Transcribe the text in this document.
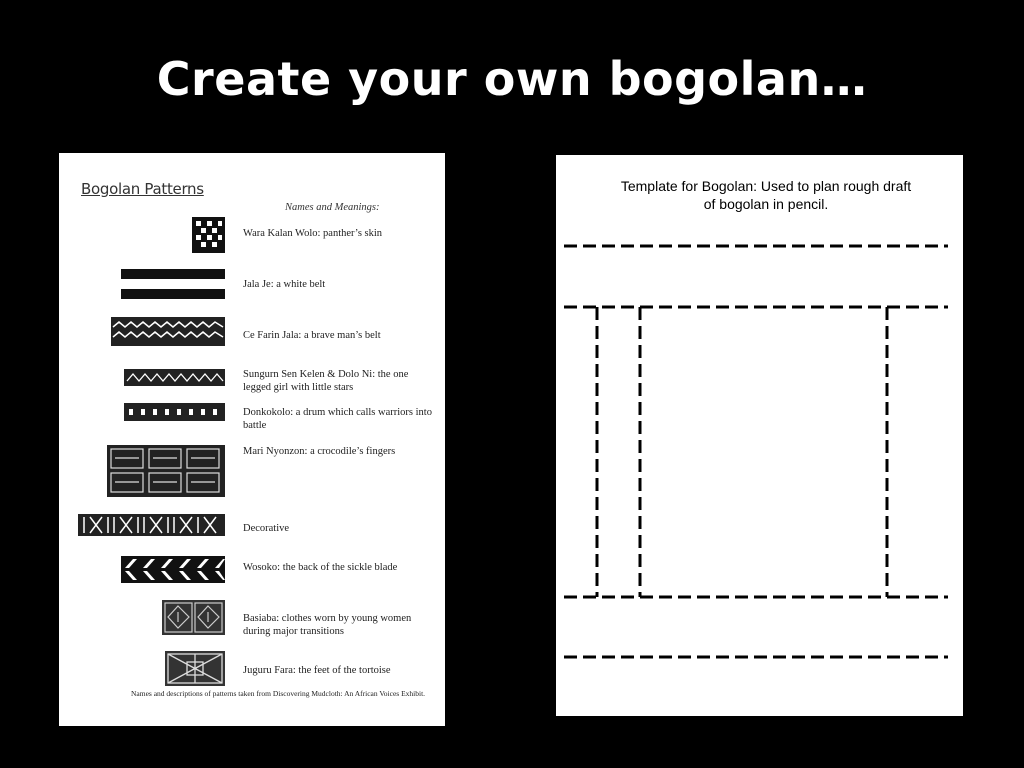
Create your own bogolan…
Bogolan Patterns
Names and Meanings:
Wara Kalan Wolo: panther’s skin
Jala Je: a white belt
Ce Farin Jala: a brave man’s belt
Sungurn Sen Kelen & Dolo Ni: the one legged girl with little stars
Donkokolo: a drum which calls warriors into battle
Mari Nyonzon: a crocodile’s fingers
Decorative
Wosoko: the back of the sickle blade
Basiaba: clothes worn by young women during major transitions
Juguru Fara: the feet of the tortoise
Names and descriptions of patterns taken from Discovering Mudcloth: An African Voices Exhibit.
Template for Bogolan: Used to plan rough draft
of bogolan in pencil.
